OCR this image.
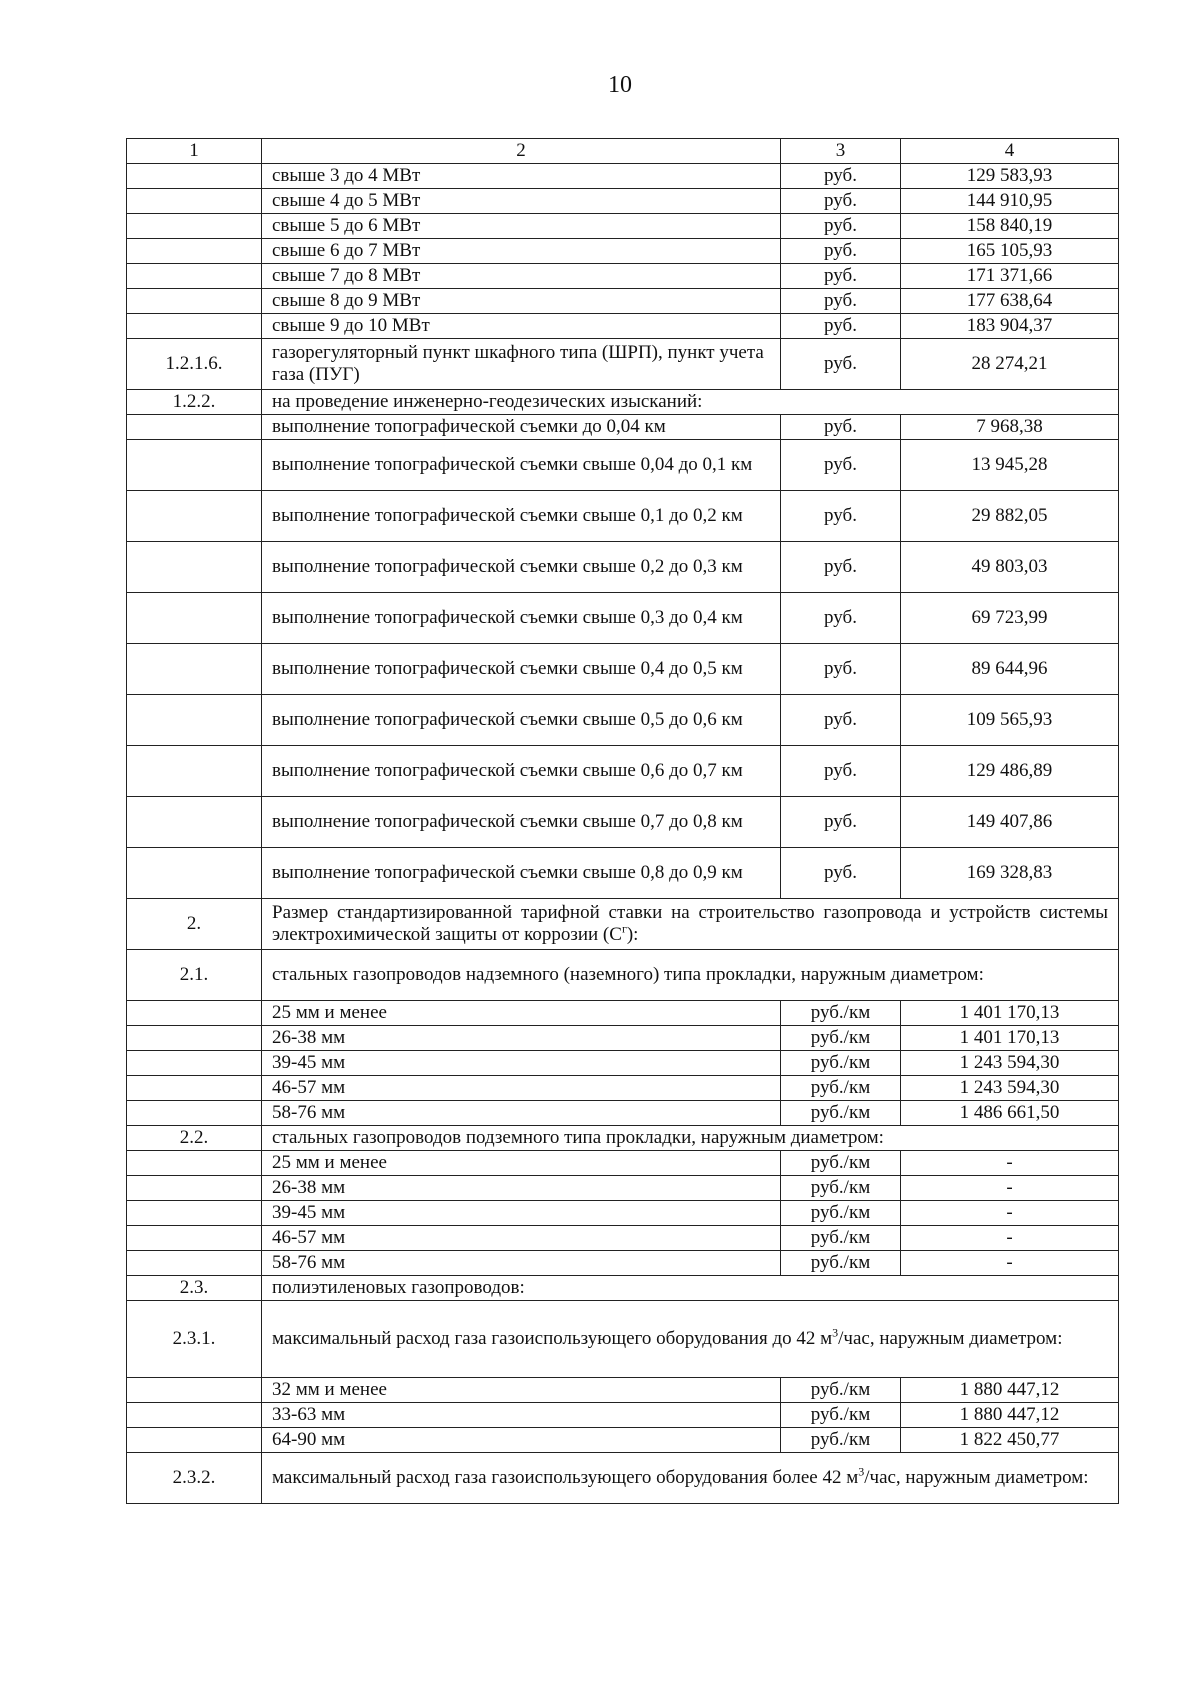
10
1	2	3	4
	свыше 3 до 4 МВт	руб.	129 583,93
	свыше 4 до 5 МВт	руб.	144 910,95
	свыше 5 до 6 МВт	руб.	158 840,19
	свыше 6 до 7 МВт	руб.	165 105,93
	свыше 7 до 8 МВт	руб.	171 371,66
	свыше 8 до 9 МВт	руб.	177 638,64
	свыше 9 до 10 МВт	руб.	183 904,37
1.2.1.6.	газорегуляторный пункт шкафного типа (ШРП), пункт учета газа (ПУГ)	руб.	28 274,21
1.2.2.	на проведение инженерно-геодезических изысканий:		
	выполнение топографической съемки до 0,04 км	руб.	7 968,38
	выполнение топографической съемки свыше 0,04 до 0,1 км	руб.	13 945,28
	выполнение топографической съемки свыше 0,1 до 0,2 км	руб.	29 882,05
	выполнение топографической съемки свыше 0,2 до 0,3 км	руб.	49 803,03
	выполнение топографической съемки свыше 0,3 до 0,4 км	руб.	69 723,99
	выполнение топографической съемки свыше 0,4 до 0,5 км	руб.	89 644,96
	выполнение топографической съемки свыше 0,5 до 0,6 км	руб.	109 565,93
	выполнение топографической съемки свыше 0,6 до 0,7 км	руб.	129 486,89
	выполнение топографической съемки свыше 0,7 до 0,8 км	руб.	149 407,86
	выполнение топографической съемки свыше 0,8 до 0,9 км	руб.	169 328,83
2.	Размер стандартизированной тарифной ставки на строительство газопровода и устройств системы электрохимической защиты от коррозии $(С^г)$:		
2.1.	стальных газопроводов надземного (наземного) типа прокладки, наружным диаметром:		
	25 мм и менее	руб./км	1 401 170,13
	26-38 мм	руб./км	1 401 170,13
	39-45 мм	руб./км	1 243 594,30
	46-57 мм	руб./км	1 243 594,30
	58-76 мм	руб./км	1 486 661,50
2.2.	стальных газопроводов подземного типа прокладки, наружным диаметром:		
	25 мм и менее	руб./км	-
	26-38 мм	руб./км	-
	39-45 мм	руб./км	-
	46-57 мм	руб./км	-
	58-76 мм	руб./км	-
2.3.	полиэтиленовых газопроводов:		
2.3.1.	максимальный расход газа газоиспользующего оборудования до 42 $м^3$/час, наружным диаметром:		
	32 мм и менее	руб./км	1 880 447,12
	33-63 мм	руб./км	1 880 447,12
	64-90 мм	руб./км	1 822 450,77
2.3.2.	максимальный расход газа газоиспользующего оборудования более 42 $м^3$/час, наружным диаметром:		
